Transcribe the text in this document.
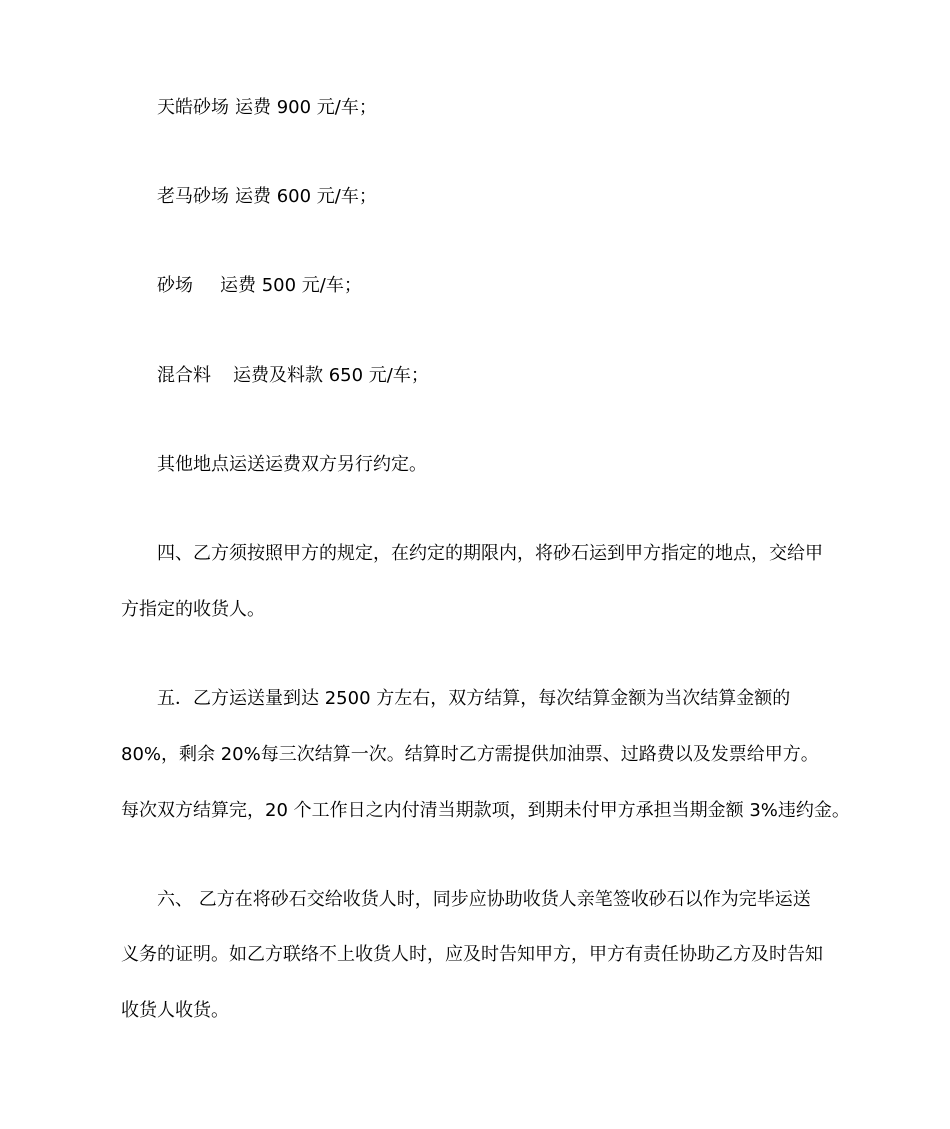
天皓砂场 运费 900 元/车；
老马砂场 运费 600 元/车；
砂场 运费 500 元/车；
混合料 运费及料款 650 元/车；
其他地点运送运费双方另行约定。
四、乙方须按照甲方的规定，在约定的期限内，将砂石运到甲方指定的地点，交给甲
方指定的收货人。
五．乙方运送量到达 2500 方左右，双方结算，每次结算金额为当次结算金额的
80%，剩余 20%每三次结算一次。结算时乙方需提供加油票、过路费以及发票给甲方。
每次双方结算完，20 个工作日之内付清当期款项，到期未付甲方承担当期金额 3%违约金。
六、 乙方在将砂石交给收货人时，同步应协助收货人亲笔签收砂石以作为完毕运送
义务的证明。如乙方联络不上收货人时，应及时告知甲方，甲方有责任协助乙方及时告知
收货人收货。
